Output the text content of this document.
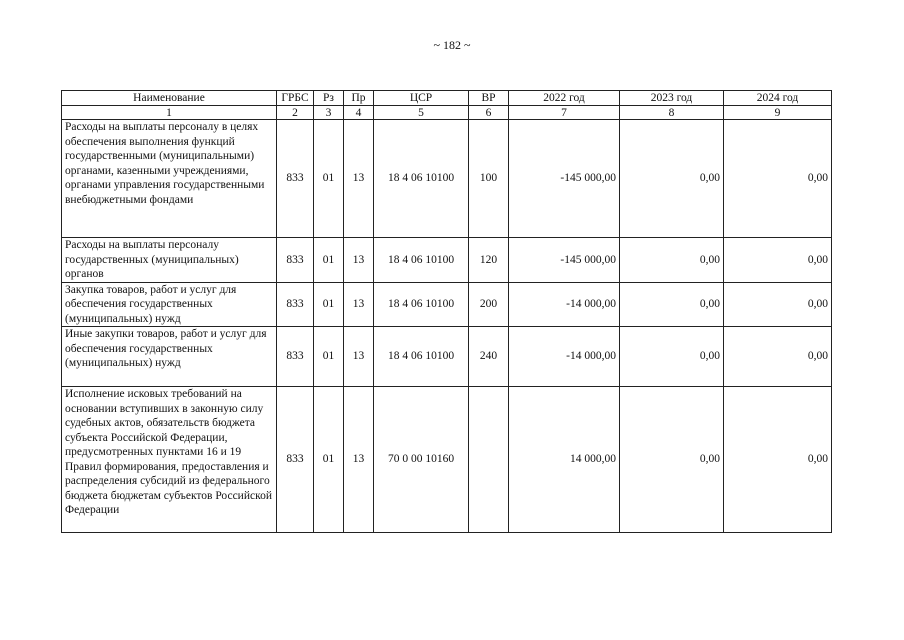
~ 182 ~
Наименование	ГРБС	Рз	Пр	ЦСР	ВР	2022 год	2023 год	2024 год
1	2	3	4	5	6	7	8	9
Расходы на выплаты персоналу в целях обеспечения выполнения функций государственными (муниципальными) органами, казенными учреждениями, органами управления государственными внебюджетными фондами	833	01	13	18 4 06 10100	100	-145 000,00	0,00	0,00
Расходы на выплаты персоналу государственных (муниципальных) органов	833	01	13	18 4 06 10100	120	-145 000,00	0,00	0,00
Закупка товаров, работ и услуг для обеспечения государственных (муниципальных) нужд	833	01	13	18 4 06 10100	200	-14 000,00	0,00	0,00
Иные закупки товаров, работ и услуг для обеспечения государственных (муниципальных) нужд	833	01	13	18 4 06 10100	240	-14 000,00	0,00	0,00
Исполнение исковых требований на основании вступивших в законную силу судебных актов, обязательств бюджета субъекта Российской Федерации, предусмотренных пунктами 16 и 19 Правил формирования, предоставления и распределения субсидий из федерального бюджета бюджетам субъектов Российской Федерации	833	01	13	70 0 00 10160		14 000,00	0,00	0,00
